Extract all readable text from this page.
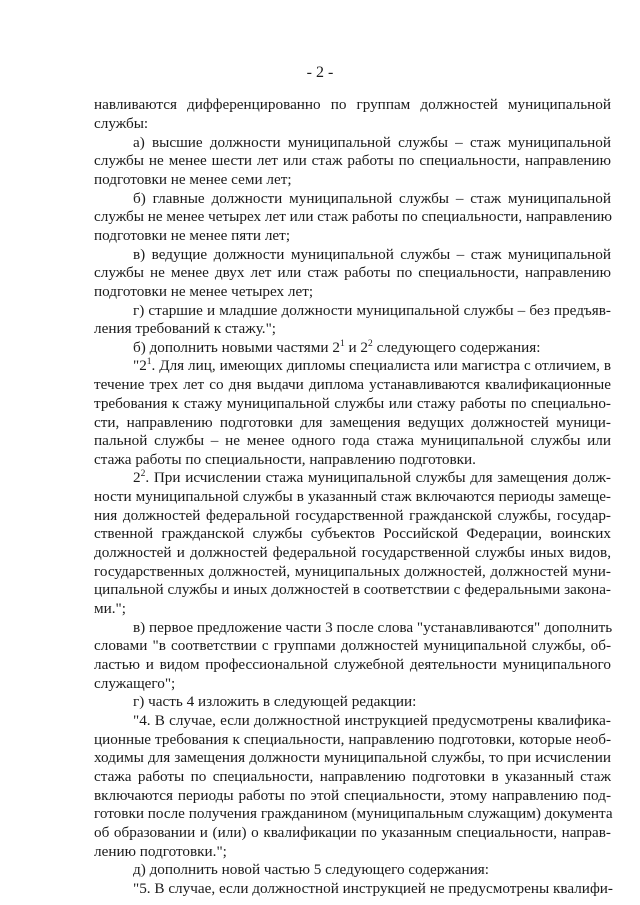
- 2 -
навливаются дифференцированно по группам должностей муниципальной
службы:
а) высшие должности муниципальной службы – стаж муниципальной
службы не менее шести лет или стаж работы по специальности, направлению
подготовки не менее семи лет;
б) главные должности муниципальной службы – стаж муниципальной
службы не менее четырех лет или стаж работы по специальности, направлению
подготовки не менее пяти лет;
в) ведущие должности муниципальной службы – стаж муниципальной
службы не менее двух лет или стаж работы по специальности, направлению
подготовки не менее четырех лет;
г) старшие и младшие должности муниципальной службы – без предъяв-
ления требований к стажу.";
б) дополнить новыми частями $2^1$ и $2^2$ следующего содержания:
"$2^1$. Для лиц, имеющих дипломы специалиста или магистра с отличием, в
течение трех лет со дня выдачи диплома устанавливаются квалификационные
требования к стажу муниципальной службы или стажу работы по специально-
сти, направлению подготовки для замещения ведущих должностей муници-
пальной службы – не менее одного года стажа муниципальной службы или
стажа работы по специальности, направлению подготовки.
$2^2$. При исчислении стажа муниципальной службы для замещения долж-
ности муниципальной службы в указанный стаж включаются периоды замеще-
ния должностей федеральной государственной гражданской службы, государ-
ственной гражданской службы субъектов Российской Федерации, воинских
должностей и должностей федеральной государственной службы иных видов,
государственных должностей, муниципальных должностей, должностей муни-
ципальной службы и иных должностей в соответствии с федеральными закона-
ми.";
в) первое предложение части 3 после слова "устанавливаются" дополнить
словами "в соответствии с группами должностей муниципальной службы, об-
ластью и видом профессиональной служебной деятельности муниципального
служащего";
г) часть 4 изложить в следующей редакции:
"4. В случае, если должностной инструкцией предусмотрены квалифика-
ционные требования к специальности, направлению подготовки, которые необ-
ходимы для замещения должности муниципальной службы, то при исчислении
стажа работы по специальности, направлению подготовки в указанный стаж
включаются периоды работы по этой специальности, этому направлению под-
готовки после получения гражданином (муниципальным служащим) документа
об образовании и (или) о квалификации по указанным специальности, направ-
лению подготовки.";
д) дополнить новой частью 5 следующего содержания:
"5. В случае, если должностной инструкцией не предусмотрены квалифи-
